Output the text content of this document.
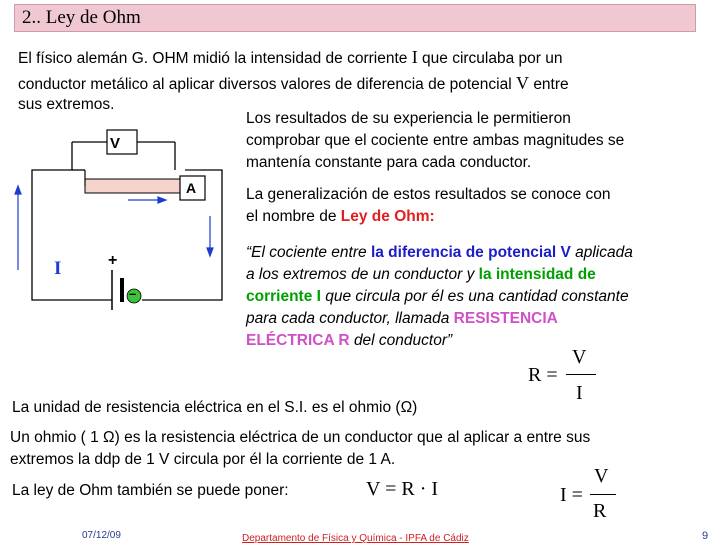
2.. Ley de Ohm
El físico alemán G. OHM midió la intensidad de corriente I que circulaba por un
conductor metálico al aplicar diversos valores de diferencia de potencial V entre
sus extremos.
Los resultados de su experiencia le permitieron
comprobar que el cociente entre ambas magnitudes se
mantenía constante para cada conductor.
La generalización de estos resultados se conoce con
el nombre de Ley de Ohm:
“El cociente entre la diferencia de potencial V aplicada
a los extremos de un conductor y la intensidad de
corriente I que circula por él es una cantidad constante
para cada conductor, llamada RESISTENCIA
ELÉCTRICA R del conductor”
V
A
I	+
–
R =
V
I
La unidad de resistencia eléctrica en el S.I. es el ohmio (Ω)
Un ohmio ( 1 Ω) es la resistencia eléctrica de un conductor que al aplicar a entre sus
extremos la ddp de 1 V circula por él la corriente de 1 A.
La ley de Ohm también se puede poner:	V = R · I	I =
V
R
07/12/09	Departamento de Física y Química - IPFA de Cádiz	9
